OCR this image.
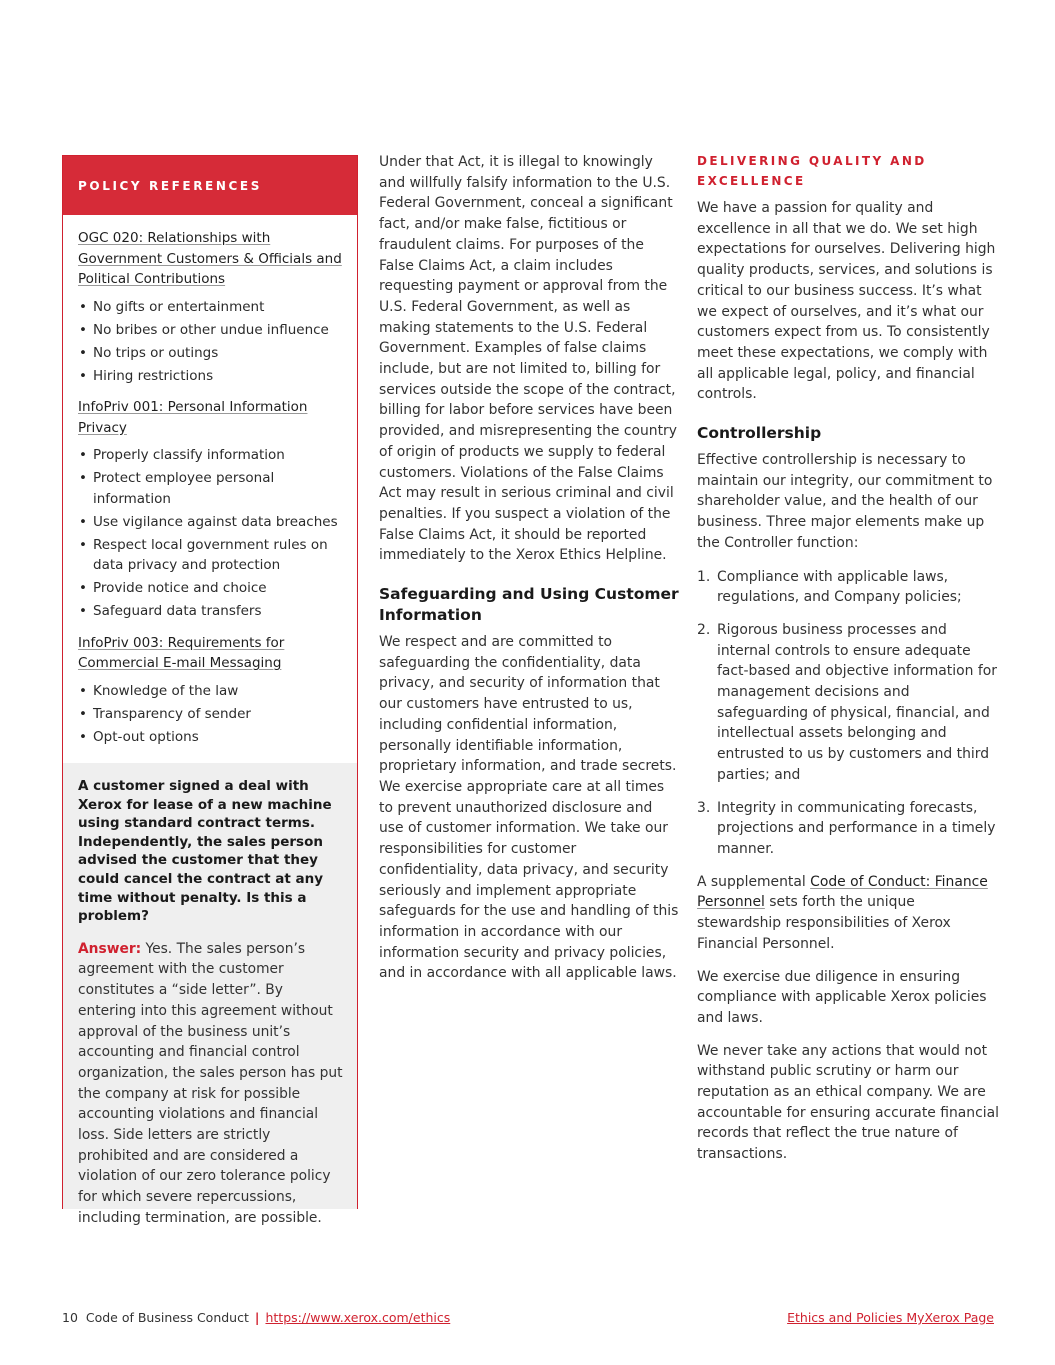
POLICY REFERENCES
OGC 020: Relationships with Government Customers & Officials and Political Contributions
• No gifts or entertainment
• No bribes or other undue influence
• No trips or outings
• Hiring restrictions
InfoPriv 001: Personal Information Privacy
• Properly classify information
• Protect employee personal information
• Use vigilance against data breaches
• Respect local government rules on data privacy and protection
• Provide notice and choice
• Safeguard data transfers
InfoPriv 003: Requirements for Commercial E-mail Messaging
• Knowledge of the law
• Transparency of sender
• Opt-out options

A customer signed a deal with Xerox for lease of a new machine using standard contract terms. Independently, the sales person advised the customer that they could cancel the contract at any time without penalty. Is this a problem?

Answer: Yes. The sales person’s agreement with the customer constitutes a “side letter”. By entering into this agreement without approval of the business unit’s accounting and financial control organization, the sales person has put the company at risk for possible accounting violations and financial loss. Side letters are strictly prohibited and are considered a violation of our zero tolerance policy for which severe repercussions, including termination, are possible.

Under that Act, it is illegal to knowingly and willfully falsify information to the U.S. Federal Government, conceal a significant fact, and/or make false, fictitious or fraudulent claims. For purposes of the False Claims Act, a claim includes requesting payment or approval from the U.S. Federal Government, as well as making statements to the U.S. Federal Government. Examples of false claims include, but are not limited to, billing for services outside the scope of the contract, billing for labor before services have been provided, and misrepresenting the country of origin of products we supply to federal customers. Violations of the False Claims Act may result in serious criminal and civil penalties. If you suspect a violation of the False Claims Act, it should be reported immediately to the Xerox Ethics Helpline.

Safeguarding and Using Customer Information

We respect and are committed to safeguarding the confidentiality, data privacy, and security of information that our customers have entrusted to us, including confidential information, personally identifiable information, proprietary information, and trade secrets. We exercise appropriate care at all times to prevent unauthorized disclosure and use of customer information. We take our responsibilities for customer confidentiality, data privacy, and security seriously and implement appropriate safeguards for the use and handling of this information in accordance with our information security and privacy policies, and in accordance with all applicable laws.

DELIVERING QUALITY AND EXCELLENCE

We have a passion for quality and excellence in all that we do. We set high expectations for ourselves. Delivering high quality products, services, and solutions is critical to our business success. It’s what we expect of ourselves, and it’s what our customers expect from us. To consistently meet these expectations, we comply with all applicable legal, policy, and financial controls.

Controllership

Effective controllership is necessary to maintain our integrity, our commitment to shareholder value, and the health of our business. Three major elements make up the Controller function:

1. Compliance with applicable laws, regulations, and Company policies;
2. Rigorous business processes and internal controls to ensure adequate fact-based and objective information for management decisions and safeguarding of physical, financial, and intellectual assets belonging and entrusted to us by customers and third parties; and
3. Integrity in communicating forecasts, projections and performance in a timely manner.

A supplemental Code of Conduct: Finance Personnel sets forth the unique stewardship responsibilities of Xerox Financial Personnel.

We exercise due diligence in ensuring compliance with applicable Xerox policies and laws.

We never take any actions that would not withstand public scrutiny or harm our reputation as an ethical company. We are accountable for ensuring accurate financial records that reflect the true nature of transactions.

10 Code of Business Conduct | https://www.xerox.com/ethics	Ethics and Policies MyXerox Page
